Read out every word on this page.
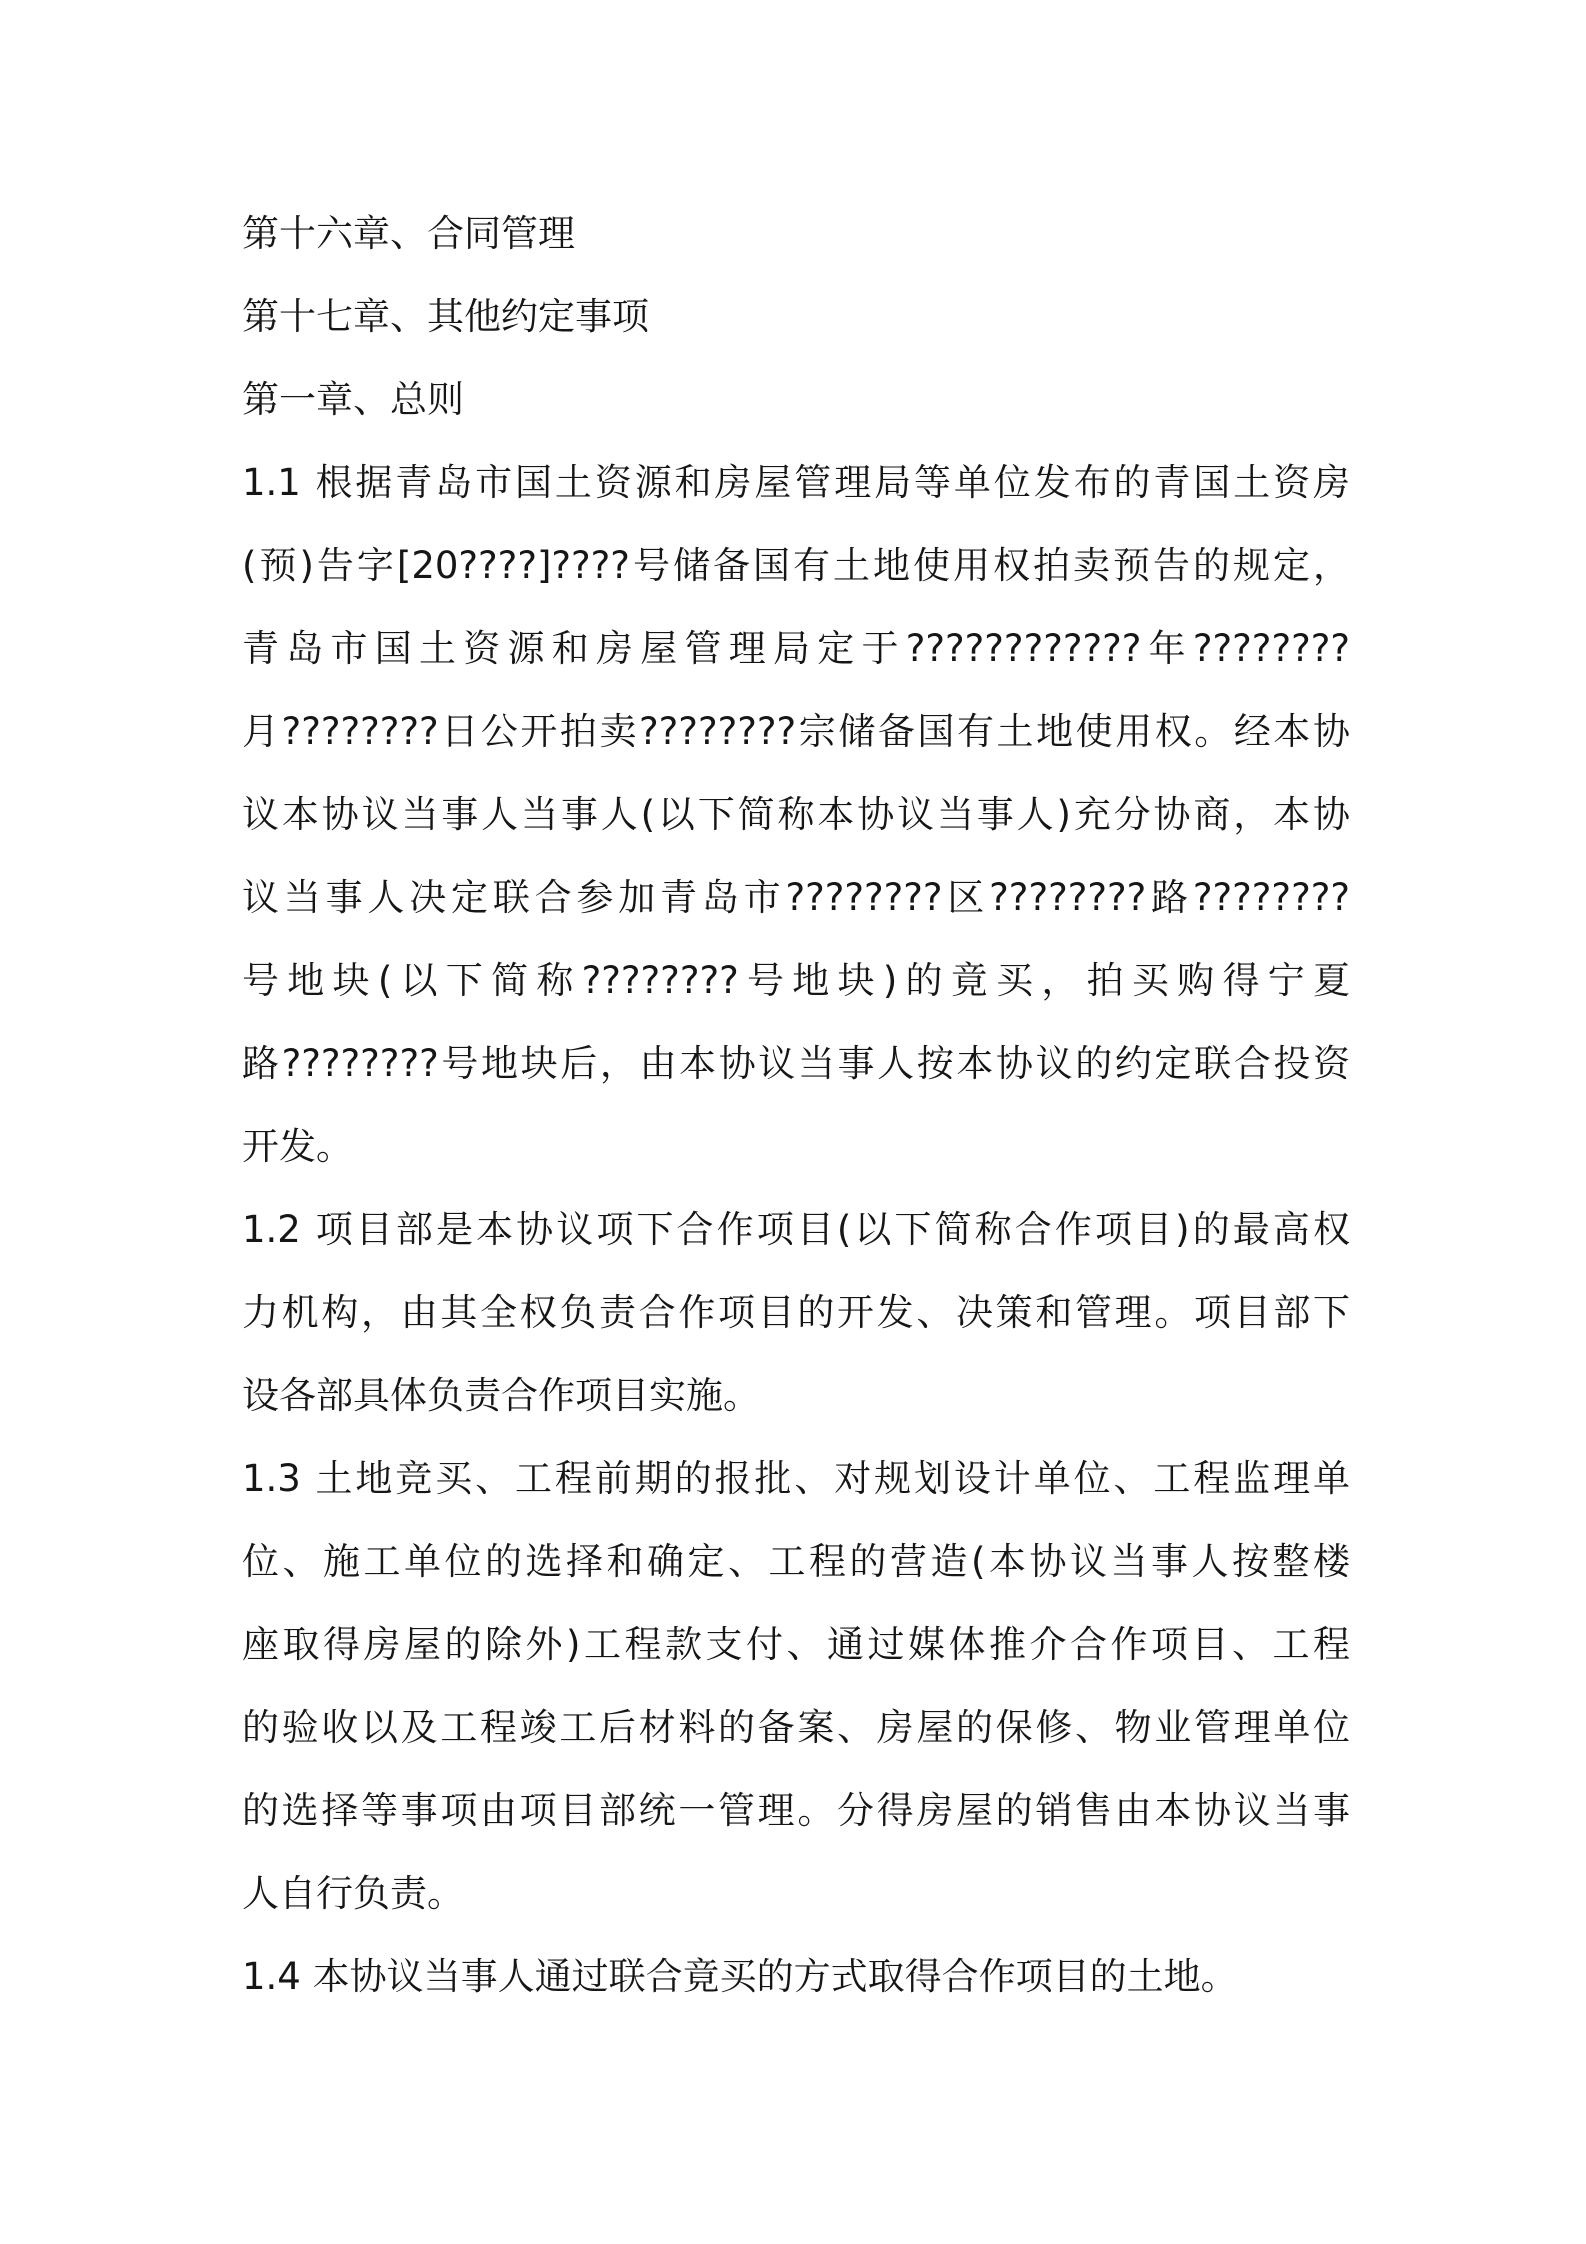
第十六章、合同管理

第十七章、其他约定事项

第一章、总则

1.1 根据青岛市国土资源和房屋管理局等单位发布的青国土资房
(预)告字[20????]????号储备国有土地使用权拍卖预告的规定，
青岛市国土资源和房屋管理局定于????????????年????????
月????????日公开拍卖????????宗储备国有土地使用权。经本协
议本协议当事人当事人(以下简称本协议当事人)充分协商，本协
议当事人决定联合参加青岛市????????区????????路????????
号地块(以下简称????????号地块)的竟买，拍买购得宁夏
路????????号地块后，由本协议当事人按本协议的约定联合投资
开发。
1.2 项目部是本协议项下合作项目(以下简称合作项目)的最高权
力机构，由其全权负责合作项目的开发、决策和管理。项目部下
设各部具体负责合作项目实施。
1.3 土地竞买、工程前期的报批、对规划设计单位、工程监理单
位、施工单位的选择和确定、工程的营造(本协议当事人按整楼
座取得房屋的除外)工程款支付、通过媒体推介合作项目、工程
的验收以及工程竣工后材料的备案、房屋的保修、物业管理单位
的选择等事项由项目部统一管理。分得房屋的销售由本协议当事
人自行负责。
1.4 本协议当事人通过联合竟买的方式取得合作项目的土地。
